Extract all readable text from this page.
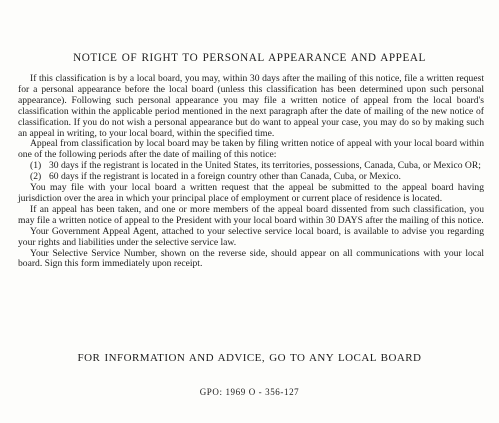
NOTICE OF RIGHT TO PERSONAL APPEARANCE AND APPEAL

If this classification is by a local board, you may, within 30 days after the mailing of this notice, file a written request for a personal appearance before the local board (unless this classification has been determined upon such personal appearance). Following such personal appearance you may file a written notice of appeal from the local board's classification within the applicable period mentioned in the next paragraph after the date of mailing of the new notice of classification. If you do not wish a personal appearance but do want to appeal your case, you may do so by making such an appeal in writing, to your local board, within the specified time.

Appeal from classification by local board may be taken by filing written notice of appeal with your local board within one of the following periods after the date of mailing of this notice:

(1) 30 days if the registrant is located in the United States, its territories, possessions, Canada, Cuba, or Mexico OR;
(2) 60 days if the registrant is located in a foreign country other than Canada, Cuba, or Mexico.

You may file with your local board a written request that the appeal be submitted to the appeal board having jurisdiction over the area in which your principal place of employment or current place of residence is located.

If an appeal has been taken, and one or more members of the appeal board dissented from such classification, you may file a written notice of appeal to the President with your local board within 30 DAYS after the mailing of this notice.

Your Government Appeal Agent, attached to your selective service local board, is available to advise you regarding your rights and liabilities under the selective service law.

Your Selective Service Number, shown on the reverse side, should appear on all communications with your local board. Sign this form immediately upon receipt.

FOR INFORMATION AND ADVICE, GO TO ANY LOCAL BOARD
GPO: 1969 O - 356-127
